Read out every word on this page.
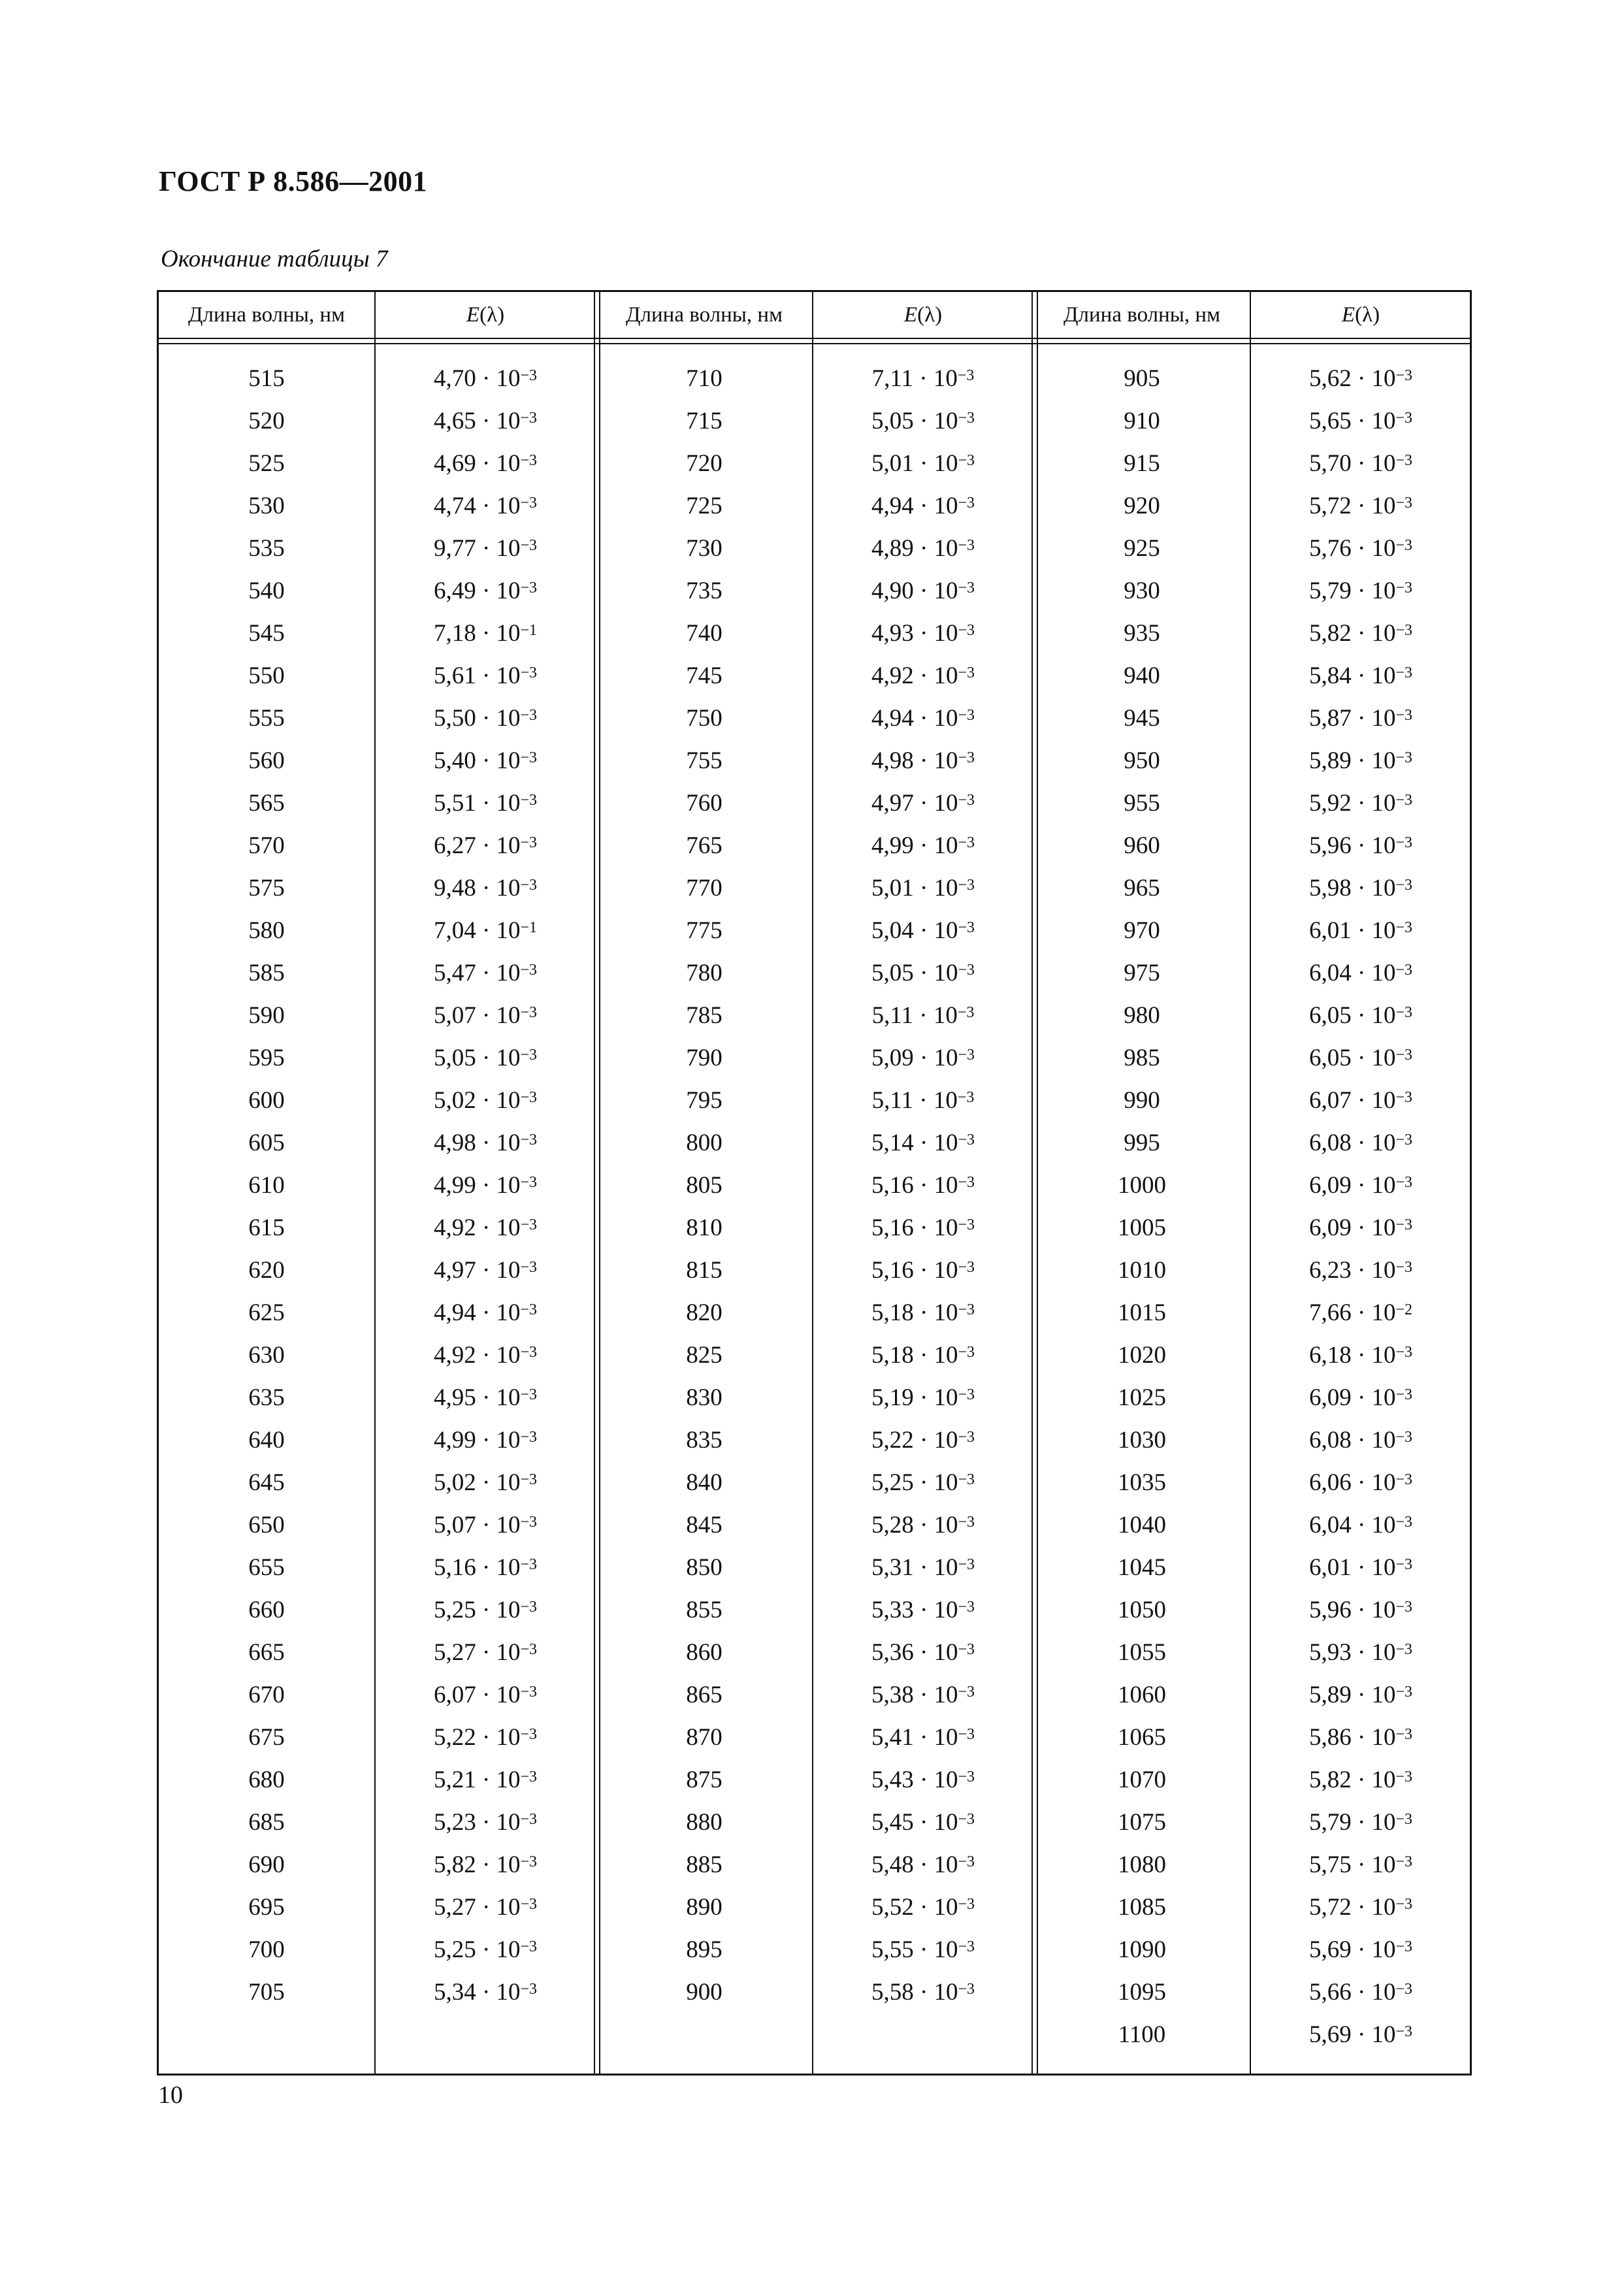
ГОСТ Р 8.586—2001
Окончание таблицы 7
Длина волны, нм	E (λ)
515	$4,70 \cdot 10^{-3}$
520	$4,65 \cdot 10^{-3}$
525	$4,69 \cdot 10^{-3}$
530	$4,74 \cdot 10^{-3}$
535	$9,77 \cdot 10^{-3}$
540	$6,49 \cdot 10^{-3}$
545	$7,18 \cdot 10^{-1}$
550	$5,61 \cdot 10^{-3}$
555	$5,50 \cdot 10^{-3}$
560	$5,40 \cdot 10^{-3}$
565	$5,51 \cdot 10^{-3}$
570	$6,27 \cdot 10^{-3}$
575	$9,48 \cdot 10^{-3}$
580	$7,04 \cdot 10^{-1}$
585	$5,47 \cdot 10^{-3}$
590	$5,07 \cdot 10^{-3}$
595	$5,05 \cdot 10^{-3}$
600	$5,02 \cdot 10^{-3}$
605	$4,98 \cdot 10^{-3}$
610	$4,99 \cdot 10^{-3}$
615	$4,92 \cdot 10^{-3}$
620	$4,97 \cdot 10^{-3}$
625	$4,94 \cdot 10^{-3}$
630	$4,92 \cdot 10^{-3}$
635	$4,95 \cdot 10^{-3}$
640	$4,99 \cdot 10^{-3}$
645	$5,02 \cdot 10^{-3}$
650	$5,07 \cdot 10^{-3}$
655	$5,16 \cdot 10^{-3}$
660	$5,25 \cdot 10^{-3}$
665	$5,27 \cdot 10^{-3}$
670	$6,07 \cdot 10^{-3}$
675	$5,22 \cdot 10^{-3}$
680	$5,21 \cdot 10^{-3}$
685	$5,23 \cdot 10^{-3}$
690	$5,82 \cdot 10^{-3}$
695	$5,27 \cdot 10^{-3}$
700	$5,25 \cdot 10^{-3}$
705	$5,34 \cdot 10^{-3}$
Длина волны, нм	E (λ)
710	$7,11 \cdot 10^{-3}$
715	$5,05 \cdot 10^{-3}$
720	$5,01 \cdot 10^{-3}$
725	$4,94 \cdot 10^{-3}$
730	$4,89 \cdot 10^{-3}$
735	$4,90 \cdot 10^{-3}$
740	$4,93 \cdot 10^{-3}$
745	$4,92 \cdot 10^{-3}$
750	$4,94 \cdot 10^{-3}$
755	$4,98 \cdot 10^{-3}$
760	$4,97 \cdot 10^{-3}$
765	$4,99 \cdot 10^{-3}$
770	$5,01 \cdot 10^{-3}$
775	$5,04 \cdot 10^{-3}$
780	$5,05 \cdot 10^{-3}$
785	$5,11 \cdot 10^{-3}$
790	$5,09 \cdot 10^{-3}$
795	$5,11 \cdot 10^{-3}$
800	$5,14 \cdot 10^{-3}$
805	$5,16 \cdot 10^{-3}$
810	$5,16 \cdot 10^{-3}$
815	$5,16 \cdot 10^{-3}$
820	$5,18 \cdot 10^{-3}$
825	$5,18 \cdot 10^{-3}$
830	$5,19 \cdot 10^{-3}$
835	$5,22 \cdot 10^{-3}$
840	$5,25 \cdot 10^{-3}$
845	$5,28 \cdot 10^{-3}$
850	$5,31 \cdot 10^{-3}$
855	$5,33 \cdot 10^{-3}$
860	$5,36 \cdot 10^{-3}$
865	$5,38 \cdot 10^{-3}$
870	$5,41 \cdot 10^{-3}$
875	$5,43 \cdot 10^{-3}$
880	$5,45 \cdot 10^{-3}$
885	$5,48 \cdot 10^{-3}$
890	$5,52 \cdot 10^{-3}$
895	$5,55 \cdot 10^{-3}$
900	$5,58 \cdot 10^{-3}$
Длина волны, нм	E (λ)
905	$5,62 \cdot 10^{-3}$
910	$5,65 \cdot 10^{-3}$
915	$5,70 \cdot 10^{-3}$
920	$5,72 \cdot 10^{-3}$
925	$5,76 \cdot 10^{-3}$
930	$5,79 \cdot 10^{-3}$
935	$5,82 \cdot 10^{-3}$
940	$5,84 \cdot 10^{-3}$
945	$5,87 \cdot 10^{-3}$
950	$5,89 \cdot 10^{-3}$
955	$5,92 \cdot 10^{-3}$
960	$5,96 \cdot 10^{-3}$
965	$5,98 \cdot 10^{-3}$
970	$6,01 \cdot 10^{-3}$
975	$6,04 \cdot 10^{-3}$
980	$6,05 \cdot 10^{-3}$
985	$6,05 \cdot 10^{-3}$
990	$6,07 \cdot 10^{-3}$
995	$6,08 \cdot 10^{-3}$
1000	$6,09 \cdot 10^{-3}$
1005	$6,09 \cdot 10^{-3}$
1010	$6,23 \cdot 10^{-3}$
1015	$7,66 \cdot 10^{-2}$
1020	$6,18 \cdot 10^{-3}$
1025	$6,09 \cdot 10^{-3}$
1030	$6,08 \cdot 10^{-3}$
1035	$6,06 \cdot 10^{-3}$
1040	$6,04 \cdot 10^{-3}$
1045	$6,01 \cdot 10^{-3}$
1050	$5,96 \cdot 10^{-3}$
1055	$5,93 \cdot 10^{-3}$
1060	$5,89 \cdot 10^{-3}$
1065	$5,86 \cdot 10^{-3}$
1070	$5,82 \cdot 10^{-3}$
1075	$5,79 \cdot 10^{-3}$
1080	$5,75 \cdot 10^{-3}$
1085	$5,72 \cdot 10^{-3}$
1090	$5,69 \cdot 10^{-3}$
1095	$5,66 \cdot 10^{-3}$
1100	$5,69 \cdot 10^{-3}$
10
